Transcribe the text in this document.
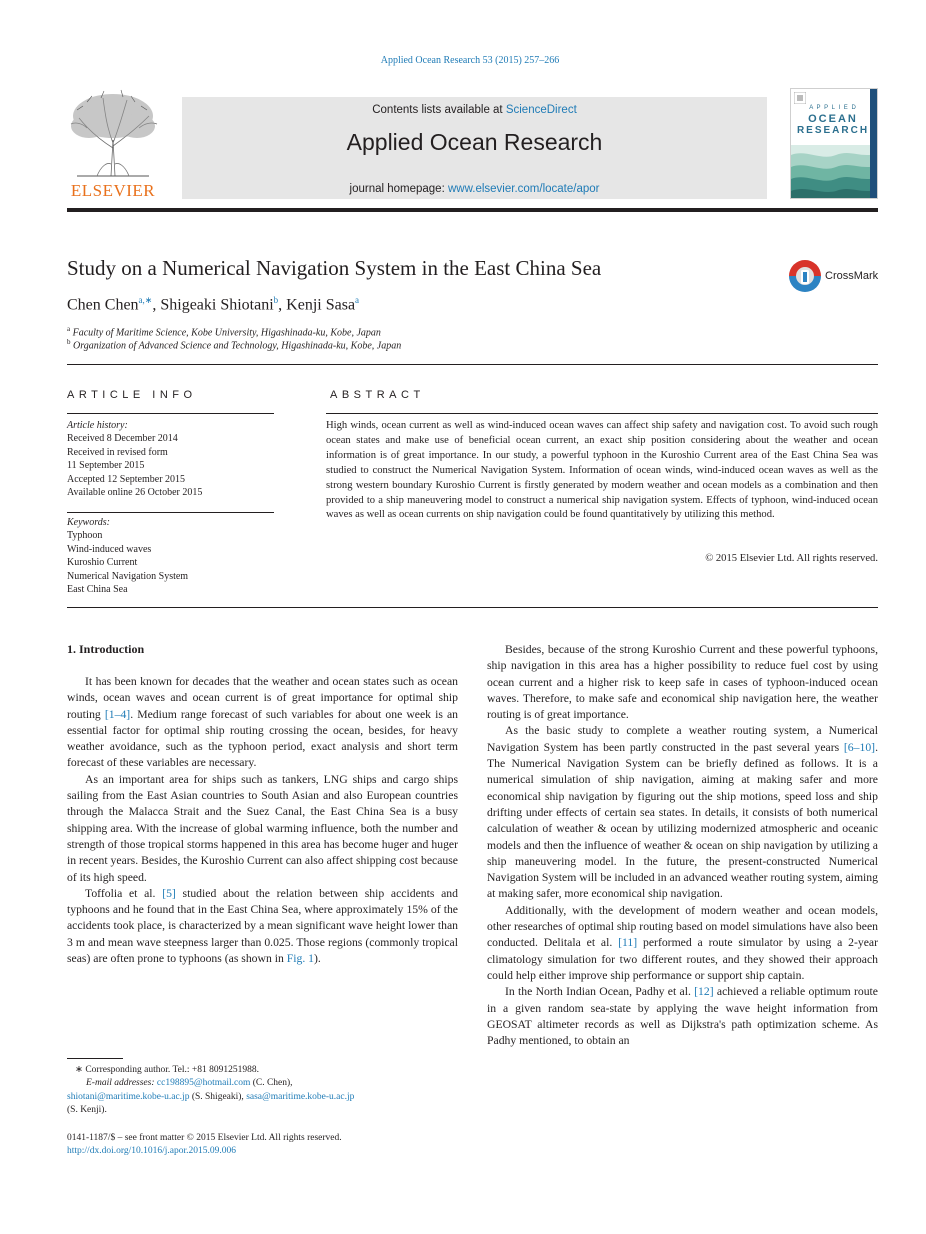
Applied Ocean Research 53 (2015) 257–266
ELSEVIER
Contents lists available at ScienceDirect
Applied Ocean Research
journal homepage: www.elsevier.com/locate/apor
A P P L I E D
OCEAN
RESEARCH
Study on a Numerical Navigation System in the East China Sea	CrossMark
Chen Chen$^{a,∗}$, Shigeaki Shiotani$^b$, Kenji Sasa$^a$
$^a$ Faculty of Maritime Science, Kobe University, Higashinada-ku, Kobe, Japan
$^b$ Organization of Advanced Science and Technology, Higashinada-ku, Kobe, Japan
ARTICLE INFO	ABSTRACT
Article history:
Received 8 December 2014
Received in revised form
11 September 2015
Accepted 12 September 2015
Available online 26 October 2015
Keywords:
Typhoon
Wind-induced waves
Kuroshio Current
Numerical Navigation System
East China Sea
High winds, ocean current as well as wind-induced ocean waves can affect ship safety and navigation cost. To avoid such rough ocean states and make use of beneficial ocean current, an exact ship position considering about the weather and ocean information is of great importance. In our study, a powerful typhoon in the Kuroshio Current area of the East China Sea was studied to construct the Numerical Navigation System. Information of ocean winds, wind-induced ocean waves as well as the strong western boundary Kuroshio Current is firstly generated by modern weather and ocean models as a combination and then provided to a ship maneuvering model to construct a numerical ship navigation system. Effects of typhoon, wind-induced ocean waves as well as ocean currents on ship navigation could be found quantitatively by utilizing this method.
© 2015 Elsevier Ltd. All rights reserved.
1. Introduction

It has been known for decades that the weather and ocean states such as ocean winds, ocean waves and ocean current is of great importance for optimal ship routing [1–4]. Medium range forecast of such variables for about one week is an essential factor for optimal ship routing crossing the ocean, besides, for heavy weather avoidance, such as the typhoon period, exact analysis and short term forecast of these variables are necessary.

As an important area for ships such as tankers, LNG ships and cargo ships sailing from the East Asian countries to South Asian and also European countries through the Malacca Strait and the Suez Canal, the East China Sea is a busy shipping area. With the increase of global warming influence, both the number and strength of those tropical storms happened in this area has become huger and huger in recent years. Besides, the Kuroshio Current can also affect shipping cost because of its high speed.

Toffolia et al. [5] studied about the relation between ship accidents and typhoons and he found that in the East China Sea, where approximately 15% of the accidents took place, is characterized by a mean significant wave height lower than 3 m and mean wave steepness larger than 0.025. Those regions (commonly tropical seas) are often prone to typhoons (as shown in Fig. 1).

Besides, because of the strong Kuroshio Current and these powerful typhoons, ship navigation in this area has a higher possibility to reduce fuel cost by using ocean current and a higher risk to keep safe in cases of typhoon-induced ocean waves. Therefore, to make safe and economical ship navigation here, the weather routing is of great importance.

As the basic study to complete a weather routing system, a Numerical Navigation System has been partly constructed in the past several years [6–10]. The Numerical Navigation System can be briefly defined as follows. It is a numerical simulation of ship navigation, aiming at making safer and more economical ship navigation by figuring out the ship motions, speed loss and ship drifting under effects of certain sea states. In details, it consists of both numerical calculation of weather & ocean by utilizing modernized atmospheric and oceanic models and then the influence of weather & ocean on ship navigation by utilizing a ship maneuvering model. In the future, the present-constructed Numerical Navigation System will be included in an advanced weather routing system, aiming at making safer, more economical ship navigation.

Additionally, with the development of modern weather and ocean models, other researches of optimal ship routing based on model simulations have also been conducted. Delitala et al. [11] performed a route simulator by using a 2-year climatology simulation for two different routes, and they showed their approach could help either improve ship performance or support ship captain.

In the North Indian Ocean, Padhy et al. [12] achieved a reliable optimum route in a given random sea-state by applying the wave height information from GEOSAT altimeter records as well as Dijkstra's path optimization scheme. As Padhy mentioned, to obtain an

∗ Corresponding author. Tel.: +81 8091251988.
E-mail addresses: cc198895@hotmail.com (C. Chen),
shiotani@maritime.kobe-u.ac.jp (S. Shigeaki), sasa@maritime.kobe-u.ac.jp
(S. Kenji).
0141-1187/$ – see front matter © 2015 Elsevier Ltd. All rights reserved.
http://dx.doi.org/10.1016/j.apor.2015.09.006
